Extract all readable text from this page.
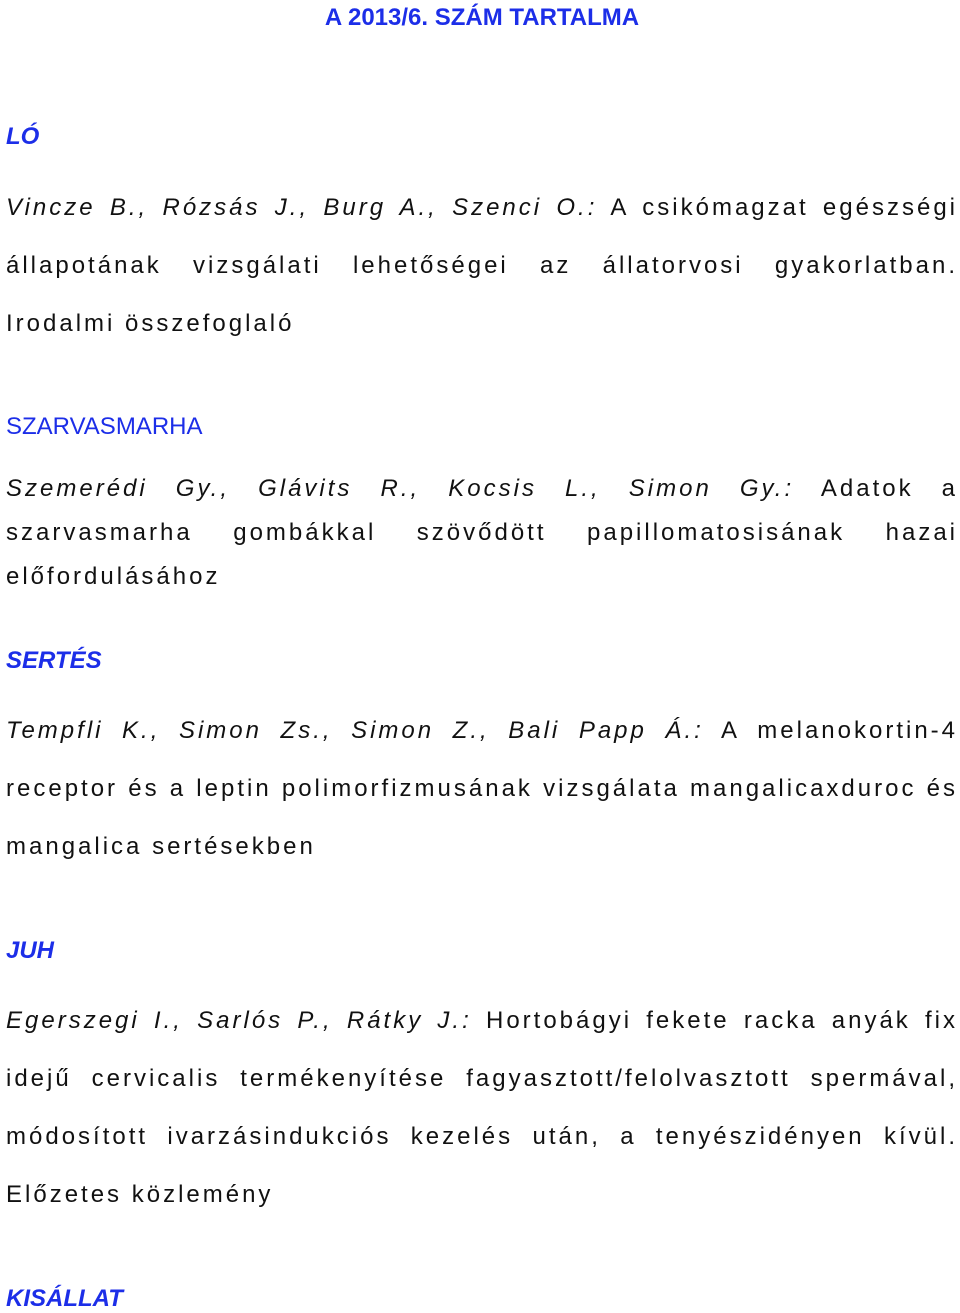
A 2013/6. SZÁM TARTALMA
LÓ
Vincze B., Rózsás J., Burg A., Szenci O.: A csikómagzat egészségi állapotának vizsgálati lehetőségei az állatorvosi gyakorlatban. Irodalmi összefoglaló
SZARVASMARHA
Szemerédi Gy., Glávits R., Kocsis L., Simon Gy.: Adatok a szarvasmarha gombákkal szövődött papillomatosisának hazai előfordulásához
SERTÉS
Tempfli K., Simon Zs., Simon Z., Bali Papp Á.: A melanokortin-4 receptor és a leptin polimorfizmusának vizsgálata mangalicaxduroc és mangalica sertésekben
JUH
Egerszegi I., Sarlós P., Rátky J.: Hortobágyi fekete racka anyák fix idejű cervicalis termékenyítése fagyasztott/felolvasztott spermával, módosított ivarzásindukciós kezelés után, a tenyészidényen kívül. Előzetes közlemény
KISÁLLAT
